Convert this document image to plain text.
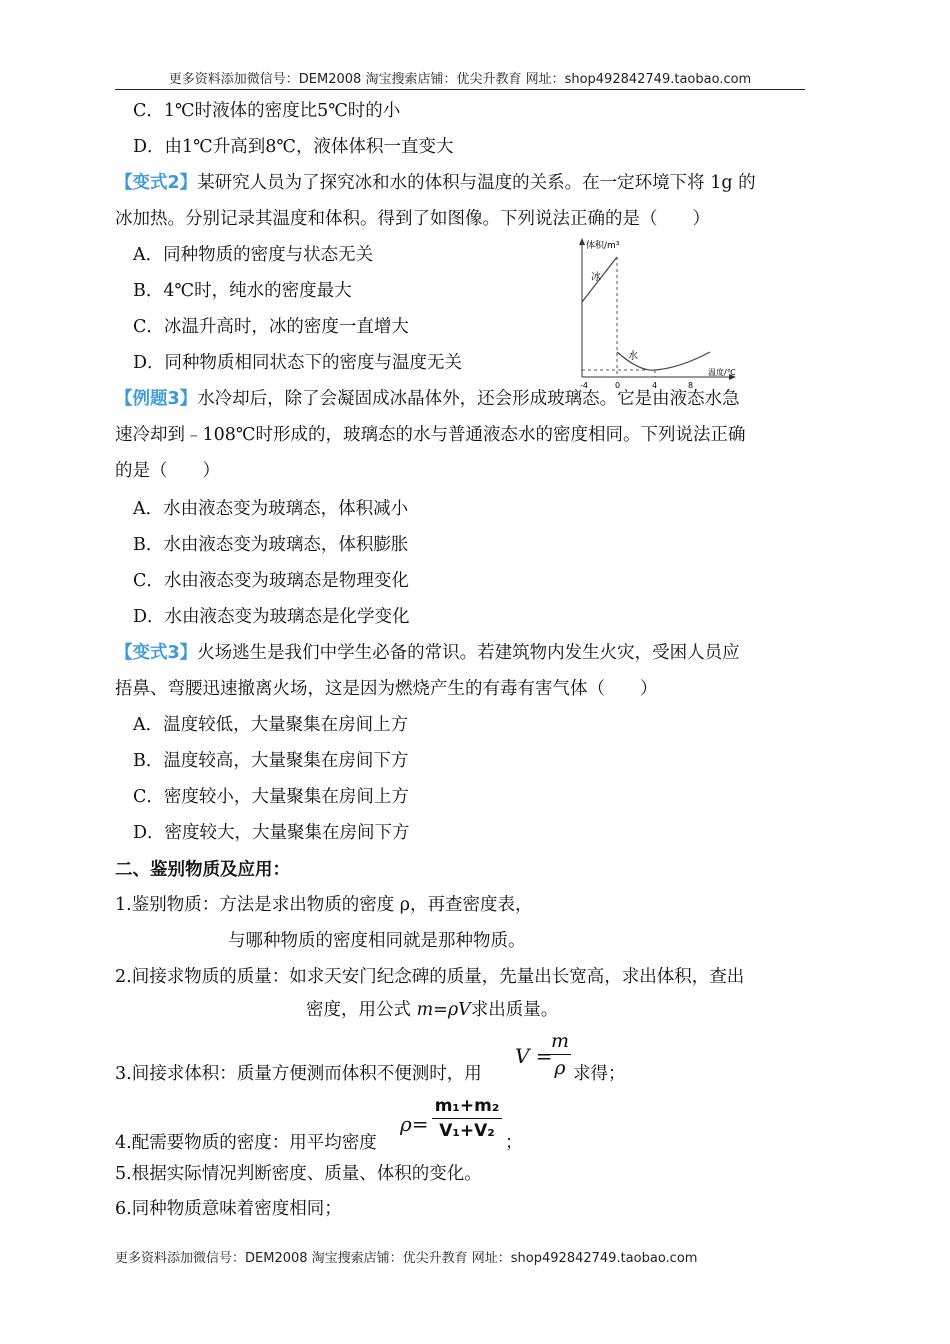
更多资料添加微信号：DEM2008 淘宝搜索店铺：优尖升教育 网址：shop492842749.taobao.com
C．1℃时液体的密度比5℃时的小
D．由1℃升高到8℃，液体体积一直变大
【变式2】某研究人员为了探究冰和水的体积与温度的关系。在一定环境下将 1g 的
冰加热。分别记录其温度和体积。得到了如图像。下列说法正确的是（　　）
A．同种物质的密度与状态无关
B．4℃时，纯水的密度最大
C．冰温升高时，冰的密度一直增大
D．同种物质相同状态下的密度与温度无关
体积/m³
冰
水
-4	0	4	8
温度/℃
【例题3】水冷却后，除了会凝固成冰晶体外，还会形成玻璃态。它是由液态水急
速冷却到﹣108℃时形成的，玻璃态的水与普通液态水的密度相同。下列说法正确
的是（　　）
A．水由液态变为玻璃态，体积减小
B．水由液态变为玻璃态，体积膨胀
C．水由液态变为玻璃态是物理变化
D．水由液态变为玻璃态是化学变化
【变式3】火场逃生是我们中学生必备的常识。若建筑物内发生火灾，受困人员应
捂鼻、弯腰迅速撤离火场，这是因为燃烧产生的有毒有害气体（　　）
A．温度较低，大量聚集在房间上方
B．温度较高，大量聚集在房间下方
C．密度较小，大量聚集在房间上方
D．密度较大，大量聚集在房间下方
二、鉴别物质及应用：
1.鉴别物质：方法是求出物质的密度 ρ，再查密度表，
与哪种物质的密度相同就是那种物质。
2.间接求物质的质量：如求天安门纪念碑的质量，先量出长宽高，求出体积，查出
密度，用公式 m=ρV求出质量。
3.间接求体积：质量方便测而体积不便测时，用
V =
m
ρ 求得；
4.配需要物质的密度：用平均密度
ρ=
m₁+m₂
V₁+V₂
；
5.根据实际情况判断密度、质量、体积的变化。
6.同种物质意味着密度相同；
更多资料添加微信号：DEM2008 淘宝搜索店铺：优尖升教育 网址：shop492842749.taobao.com
